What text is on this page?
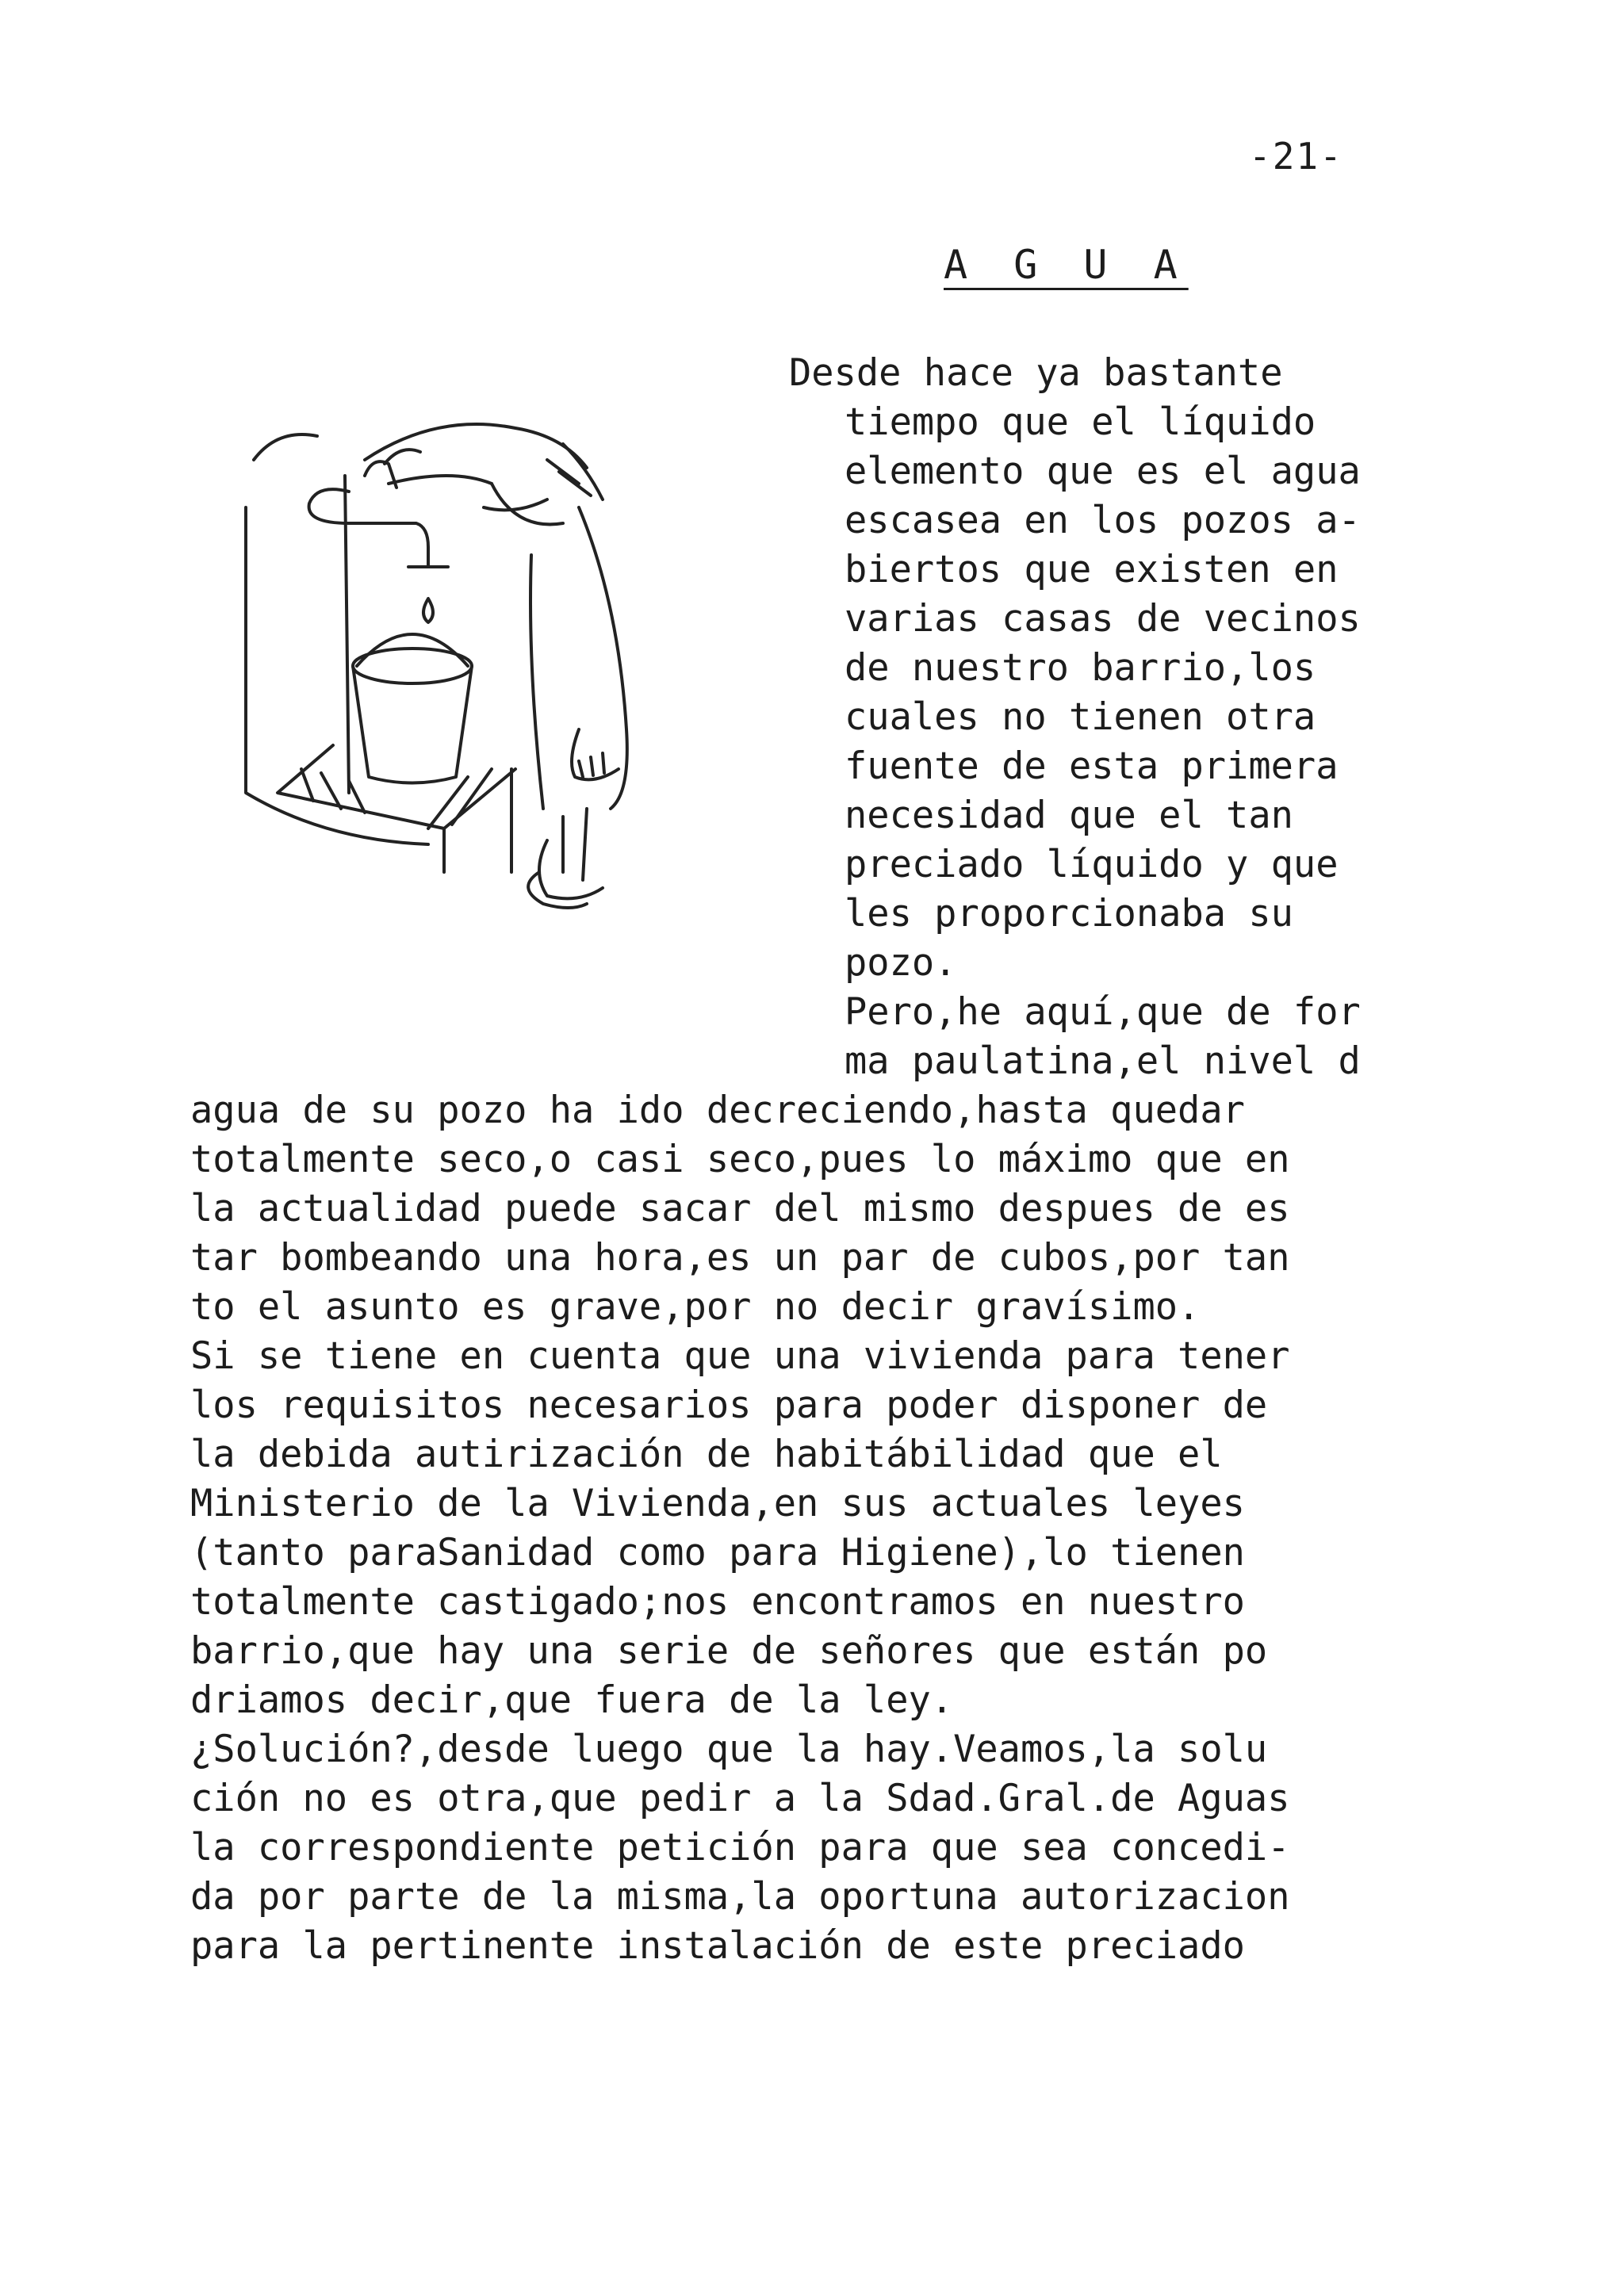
-21-
A G U A
Desde hace ya bastante
tiempo que el líquido
elemento que es el agua
escasea en los pozos a-
biertos que existen en
varias casas de vecinos
de nuestro barrio,los
cuales no tienen otra
fuente de esta primera
necesidad que el tan
preciado líquido y que
les proporcionaba su
pozo.
Pero,he aquí,que de for
ma paulatina,el nivel d
agua de su pozo ha ido decreciendo,hasta quedar
totalmente seco,o casi seco,pues lo máximo que en
la actualidad puede sacar del mismo despues de es
tar bombeando una hora,es un par de cubos,por tan
to el asunto es grave,por no decir gravísimo.
Si se tiene en cuenta que una vivienda para tener
los requisitos necesarios para poder disponer de
la debida autirización de habitábilidad que el
Ministerio de la Vivienda,en sus actuales leyes
(tanto paraSanidad como para Higiene),lo tienen
totalmente castigado;nos encontramos en nuestro
barrio,que hay una serie de señores que están po
driamos decir,que fuera de la ley.
¿Solución?,desde luego que la hay.Veamos,la solu
ción no es otra,que pedir a la Sdad.Gral.de Aguas
la correspondiente petición para que sea concedi-
da por parte de la misma,la oportuna autorizacion
para la pertinente instalación de este preciado
